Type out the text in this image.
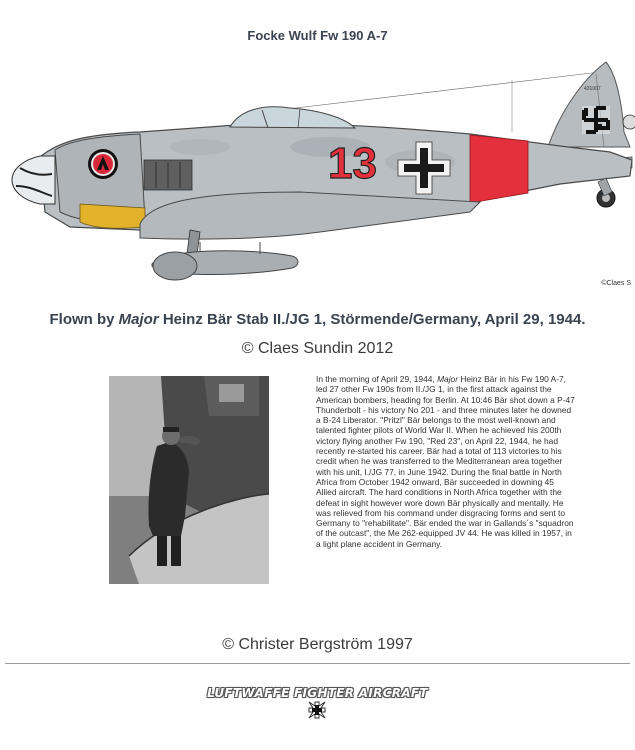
Focke Wulf Fw 190 A-7
431007
13
©Claes S
Flown by Major Heinz Bär Stab II./JG 1, Störmende/Germany, April 29, 1944.
© Claes Sundin 2012
In the morning of April 29, 1944, Major Heinz Bär in his Fw 190 A-7, led 27 other Fw 190s from II./JG 1, in the first attack against the American bombers, heading for Berlin. At 10:46 Bär shot down a P-47 Thunderbolt - his victory No 201 - and three minutes later he downed a B-24 Liberator. "Pritzl" Bär belongs to the most well-known and talented fighter pilots of World War II. When he achieved his 200th victory flying another Fw 190, "Red 23", on April 22, 1944, he had recently re-started his career. Bär had a total of 113 victories to his credit when he was transferred to the Mediterranean area together with his unit, I./JG 77, in June 1942. During the final battle in North Africa from October 1942 onward, Bär succeeded in downing 45 Allied aircraft. The hard conditions in North Africa together with the defeat in sight however wore down Bär physically and mentally. He was relieved from his command under disgracing forms and sent to Germany to "rehabilitate". Bär ended the war in Gallands´s "squadron of the outcast", the Me 262-equipped JV 44. He was killed in 1957, in a light plane accident in Germany.
© Christer Bergström 1997
LUFTWAFFE FIGHTER AIRCRAFT
